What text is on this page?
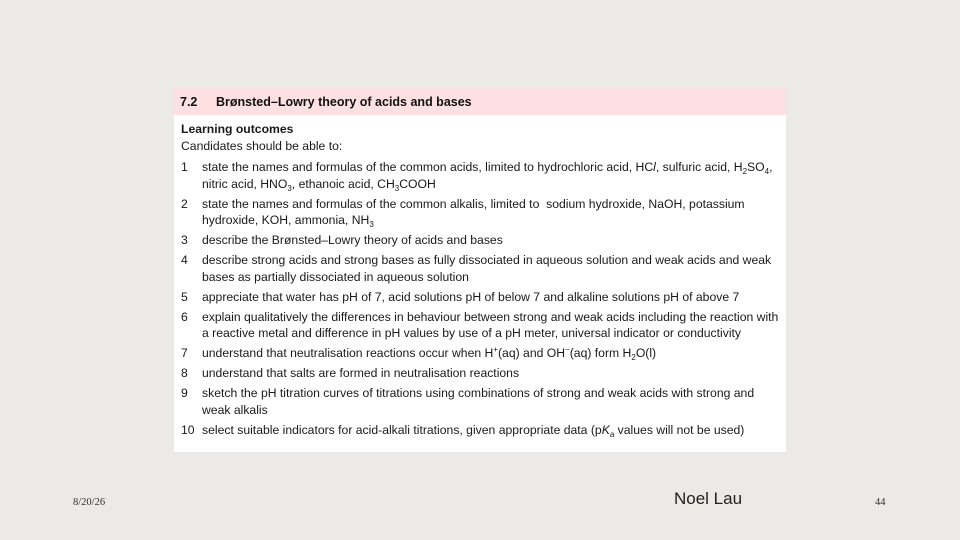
7.2	Brønsted–Lowry theory of acids and bases
Learning outcomes
Candidates should be able to:
1	state the names and formulas of the common acids, limited to hydrochloric acid, HCl, sulfuric acid, $H_2SO_4$, nitric acid, $HNO_3$, ethanoic acid, $CH_3COOH$
2	state the names and formulas of the common alkalis, limited to  sodium hydroxide, NaOH, potassium hydroxide, KOH, ammonia, $NH_3$
3	describe the Brønsted–Lowry theory of acids and bases
4	describe strong acids and strong bases as fully dissociated in aqueous solution and weak acids and weak bases as partially dissociated in aqueous solution
5	appreciate that water has pH of 7, acid solutions pH of below 7 and alkaline solutions pH of above 7
6	explain qualitatively the differences in behaviour between strong and weak acids including the reaction with a reactive metal and difference in pH values by use of a pH meter, universal indicator or conductivity
7	understand that neutralisation reactions occur when H+(aq) and OH−(aq) form $H_2O(l)$
8	understand that salts are formed in neutralisation reactions
9	sketch the pH titration curves of titrations using combinations of strong and weak acids with strong and weak alkalis
10 select suitable indicators for acid-alkali titrations, given appropriate data ($pK_a$ values will not be used)
8/20/26	Noel Lau	44
